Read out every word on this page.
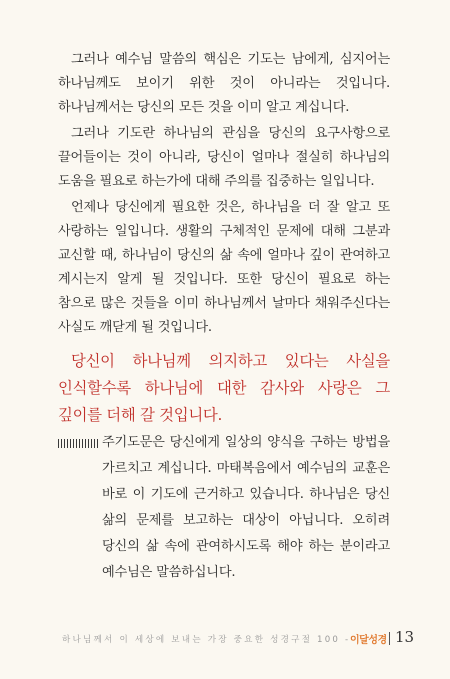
그러나 예수님 말씀의 핵심은 기도는 남에게, 심지어는 하나님께도 보이기 위한 것이 아니라는 것입니다. 하나님께서는 당신의 모든 것을 이미 알고 계십니다.

그러나 기도란 하나님의 관심을 당신의 요구사항으로 끌어들이는 것이 아니라, 당신이 얼마나 절실히 하나님의 도움을 필요로 하는가에 대해 주의를 집중하는 일입니다.

언제나 당신에게 필요한 것은, 하나님을 더 잘 알고 또 사랑하는 일입니다. 생활의 구체적인 문제에 대해 그분과 교신할 때, 하나님이 당신의 삶 속에 얼마나 깊이 관여하고 계시는지 알게 될 것입니다. 또한 당신이 필요로 하는 참으로 많은 것들을 이미 하나님께서 날마다 채워주신다는 사실도 깨닫게 될 것입니다.

당신이 하나님께 의지하고 있다는 사실을 인식할수록 하나님에 대한 감사와 사랑은 그 깊이를 더해 갈 것입니다.

주기도문은 당신에게 일상의 양식을 구하는 방법을 가르치고 계십니다. 마태복음에서 예수님의 교훈은 바로 이 기도에 근거하고 있습니다. 하나님은 당신 삶의 문제를 보고하는 대상이 아닙니다. 오히려 당신의 삶 속에 관여하시도록 해야 하는 분이라고 예수님은 말씀하십니다.

하나님께서 이 세상에 보내는 가장 중요한 성경구절 100 - 이달성경 13
